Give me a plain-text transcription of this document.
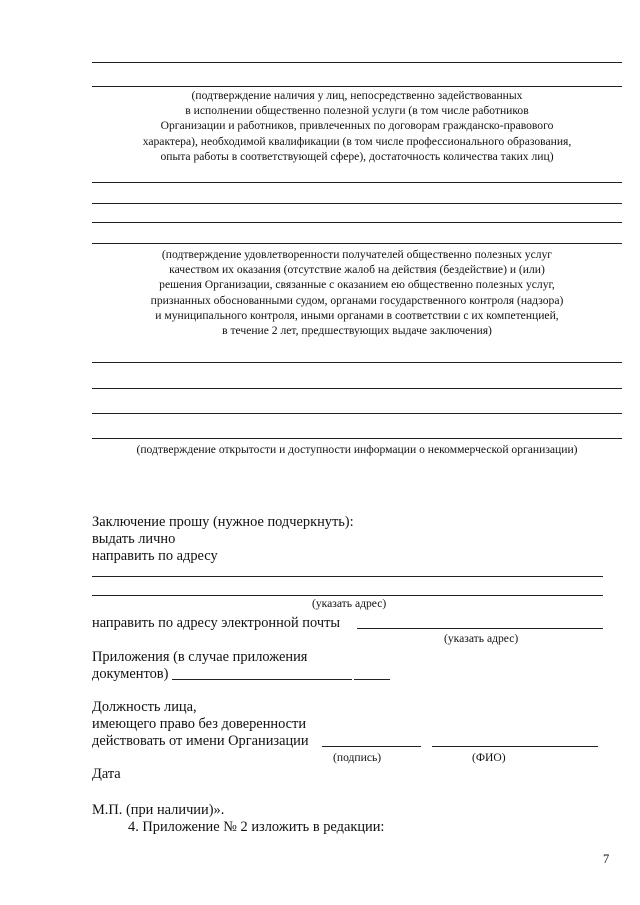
(подтверждение наличия у лиц, непосредственно задействованных
в исполнении общественно полезной услуги (в том числе работников
Организации и работников, привлеченных по договорам гражданско-правового
характера), необходимой квалификации (в том числе профессионального образования,
опыта работы в соответствующей сфере), достаточность количества таких лиц)
(подтверждение удовлетворенности получателей общественно полезных услуг
качеством их оказания (отсутствие жалоб на действия (бездействие) и (или)
решения Организации, связанные с оказанием ею общественно полезных услуг,
признанных обоснованными судом, органами государственного контроля (надзора)
и муниципального контроля, иными органами в соответствии с их компетенцией,
в течение 2 лет, предшествующих выдаче заключения)
(подтверждение открытости и доступности информации о некоммерческой организации)
Заключение прошу (нужное подчеркнуть):
выдать лично
направить по адресу
(указать адрес)
направить по адресу электронной почты
(указать адрес)
Приложения (в случае приложения
документов)
Должность лица,
имеющего право без доверенности
действовать от имени Организации
(подпись)	(ФИО)
Дата
М.П. (при наличии)».
4. Приложение № 2 изложить в редакции:
7
